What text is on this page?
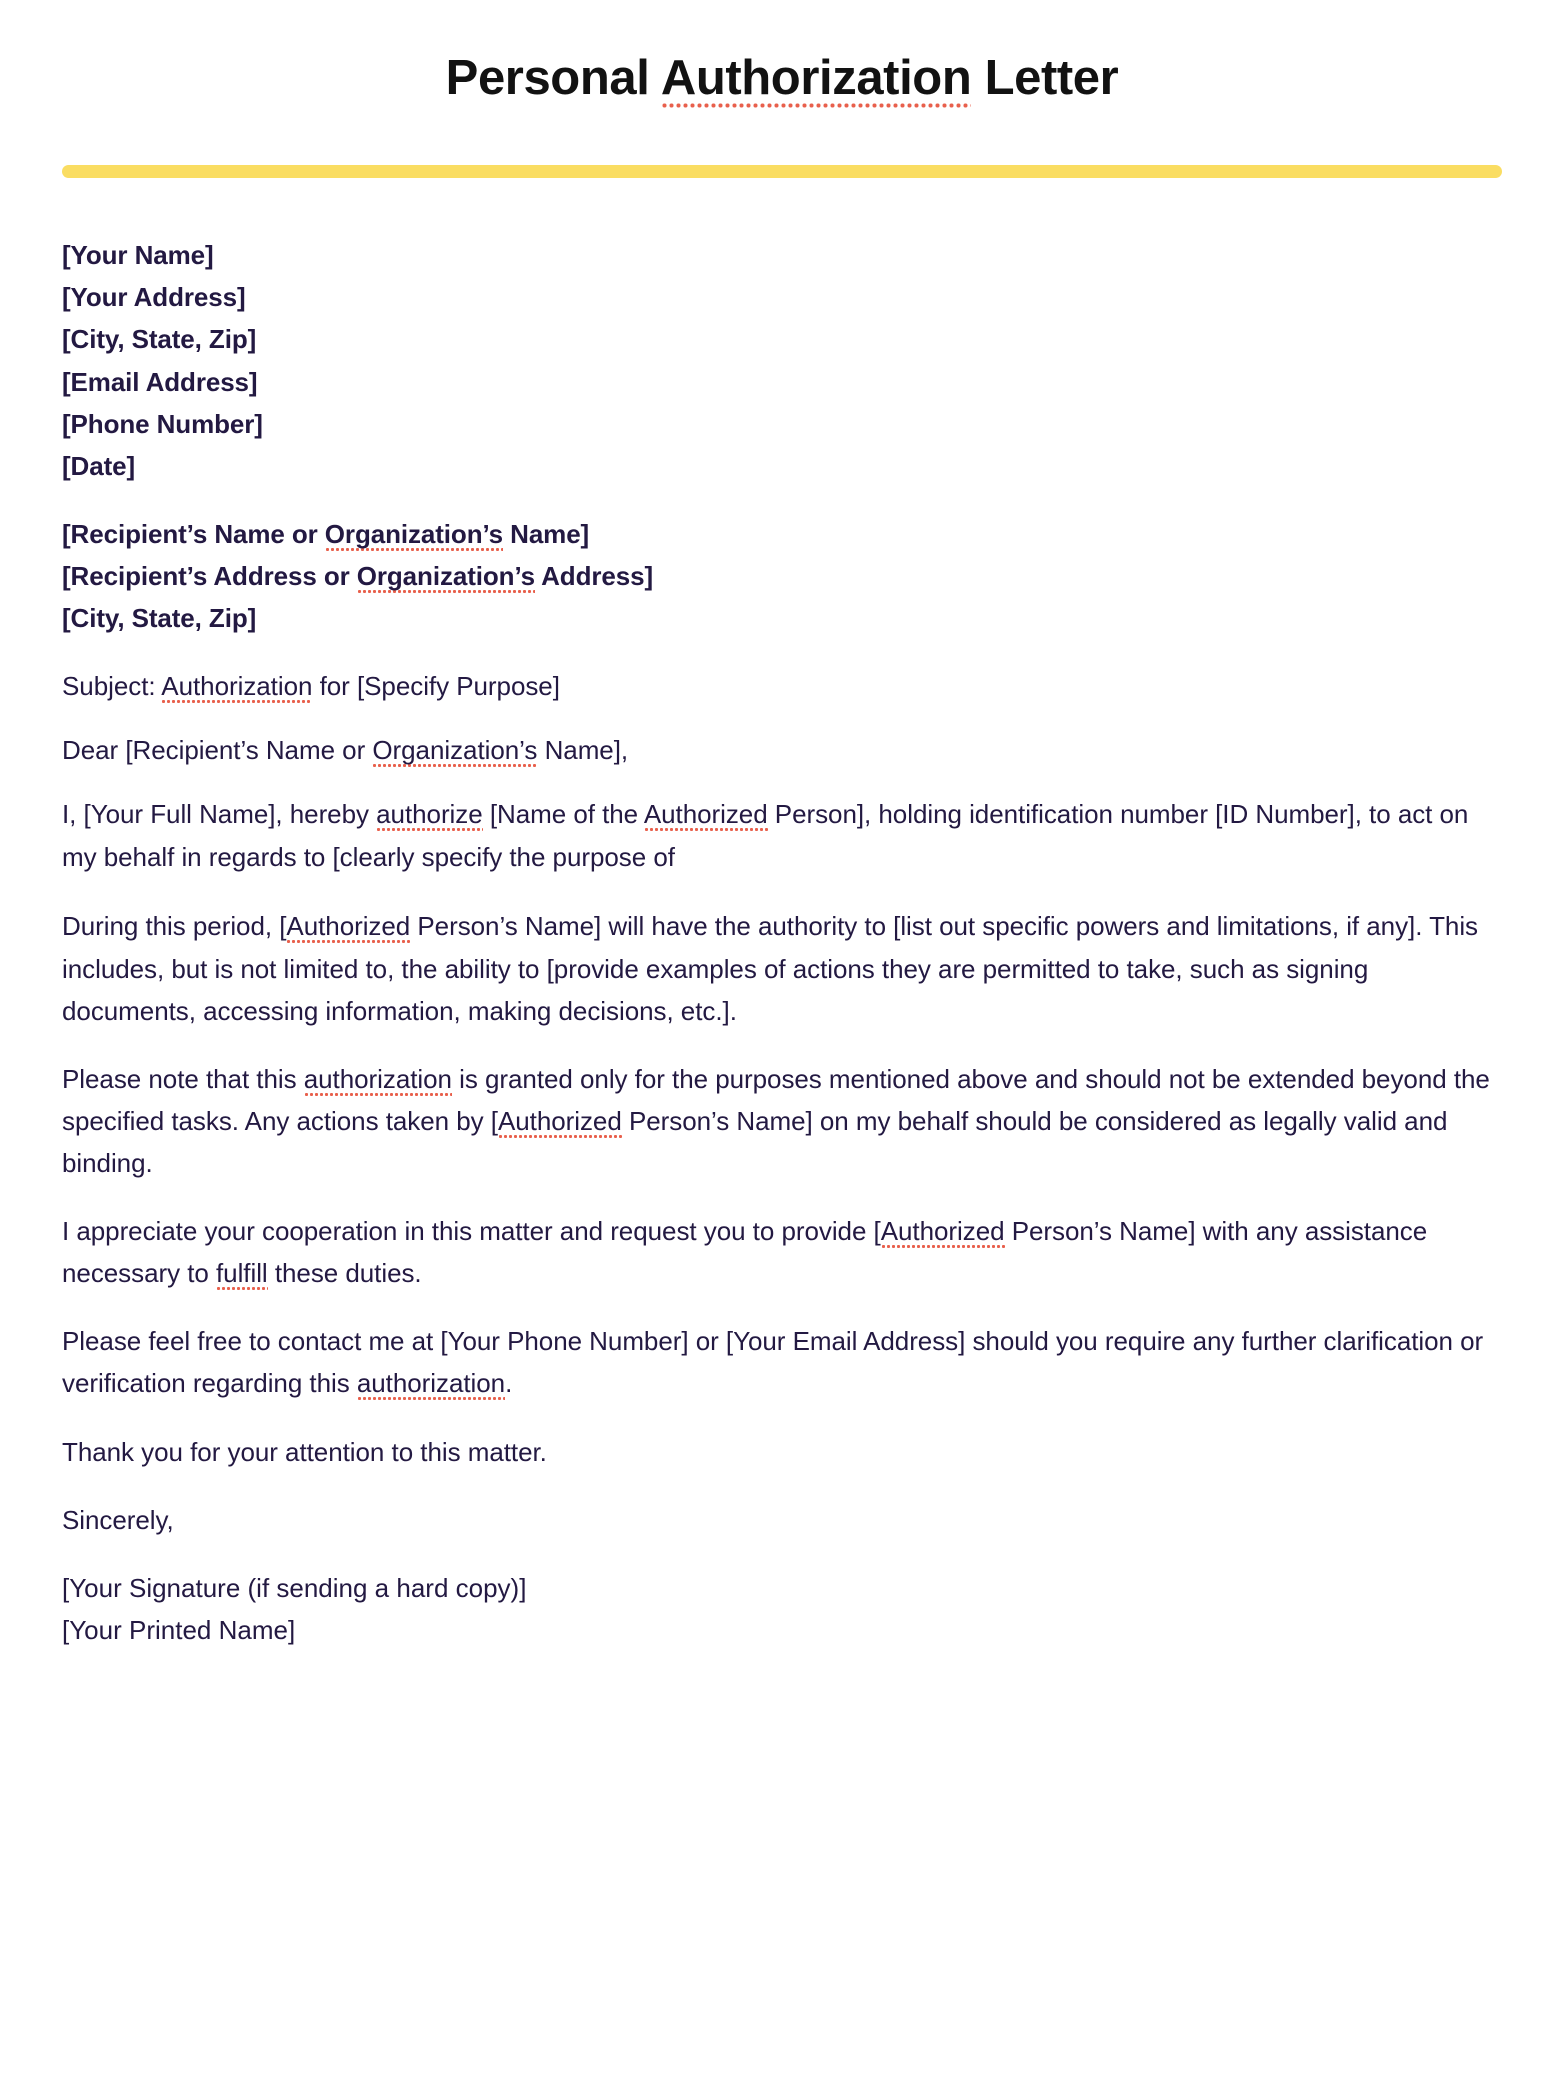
Personal Authorization Letter

[Your Name]

[Your Address]

[City, State, Zip]

[Email Address]

[Phone Number]

[Date]

[Recipient’s Name or Organization’s Name]

[Recipient’s Address or Organization’s Address]

[City, State, Zip]

Subject: Authorization for [Specify Purpose]

Dear [Recipient’s Name or Organization’s Name],

I, [Your Full Name], hereby authorize [Name of the Authorized Person], holding identification number [ID Number], to act on my behalf in regards to [clearly specify the purpose of

During this period, [Authorized Person’s Name] will have the authority to [list out specific powers and limitations, if any]. This includes, but is not limited to, the ability to [provide examples of actions they are permitted to take, such as signing documents, accessing information, making decisions, etc.].

Please note that this authorization is granted only for the purposes mentioned above and should not be extended beyond the specified tasks. Any actions taken by [Authorized Person’s Name] on my behalf should be considered as legally valid and binding.

I appreciate your cooperation in this matter and request you to provide [Authorized Person’s Name] with any assistance necessary to fulfill these duties.

Please feel free to contact me at [Your Phone Number] or [Your Email Address] should you require any further clarification or verification regarding this authorization.

Thank you for your attention to this matter.

Sincerely,

[Your Signature (if sending a hard copy)]

[Your Printed Name]
